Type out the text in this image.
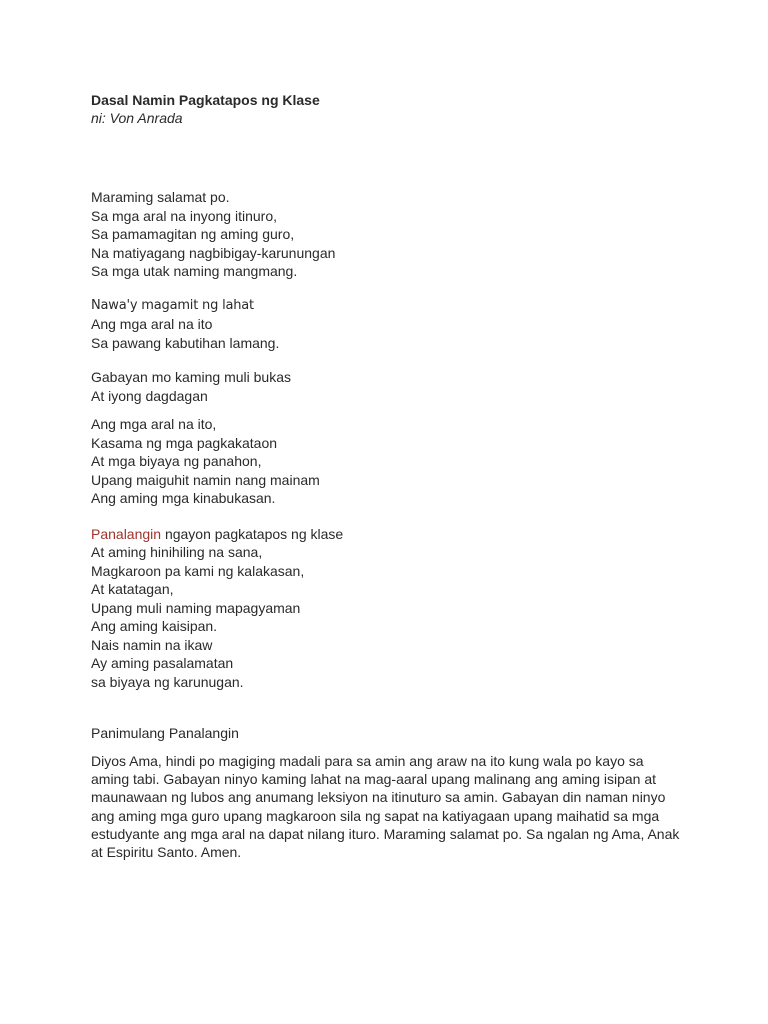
Dasal Namin Pagkatapos ng Klase
ni: Von Anrada
Maraming salamat po.
Sa mga aral na inyong itinuro,
Sa pamamagitan ng aming guro,
Na matiyagang nagbibigay-karunungan
Sa mga utak naming mangmang.
Nawa'y magamit ng lahat
Ang mga aral na ito
Sa pawang kabutihan lamang.
Gabayan mo kaming muli bukas
At iyong dagdagan
Ang mga aral na ito,
Kasama ng mga pagkakataon
At mga biyaya ng panahon,
Upang maiguhit namin nang mainam
Ang aming mga kinabukasan.
Panalangin ngayon pagkatapos ng klase
At aming hinihiling na sana,
Magkaroon pa kami ng kalakasan,
At katatagan,
Upang muli naming mapagyaman
Ang aming kaisipan.
Nais namin na ikaw
Ay aming pasalamatan
sa biyaya ng karunugan.
Panimulang Panalangin

Diyos Ama, hindi po magiging madali para sa amin ang araw na ito kung wala po kayo sa aming tabi. Gabayan ninyo kaming lahat na mag-aaral upang malinang ang aming isipan at maunawaan ng lubos ang anumang leksiyon na itinuturo sa amin. Gabayan din naman ninyo ang aming mga guro upang magkaroon sila ng sapat na katiyagaan upang maihatid sa mga estudyante ang mga aral na dapat nilang ituro. Maraming salamat po. Sa ngalan ng Ama, Anak at Espiritu Santo. Amen.
